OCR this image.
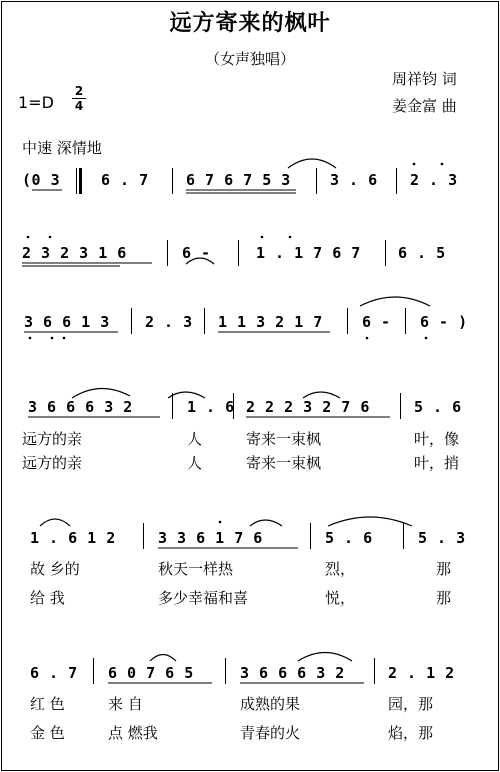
远方寄来的枫叶
（女声独唱）
周祥钧 词
姜金富 曲
1=D
2
4
中速 深情地
(0 3	6 . 7 6 7 6 7 5 3	3 . 6 2 . 3
2 3 2 3 1 6	6 -	1 . 1 7 6 7 6 . 5
3 6 6 1 3 2 . 3 1 1 3 2 1 7	6 - 6 - )
3 6 6 6 3 2	1 . 6 2 2 2 3 2 7 6	5 . 6
远方的亲	人	寄来一束枫	叶，像
远方的亲	人	寄来一束枫	叶，捎
1 . 6 1 2	3 3 6 1 7 6	5 . 6	5 . 3
故 乡的	秋天一样热	烈，	那
给 我	多少幸福和喜	悦，	那
6 . 7 6 0 7 6 5	3 6 6 6 3 2	2 . 1 2
红 色	来 自	成熟的果	园，那
金 色	点 燃我	青春的火	焰，那
